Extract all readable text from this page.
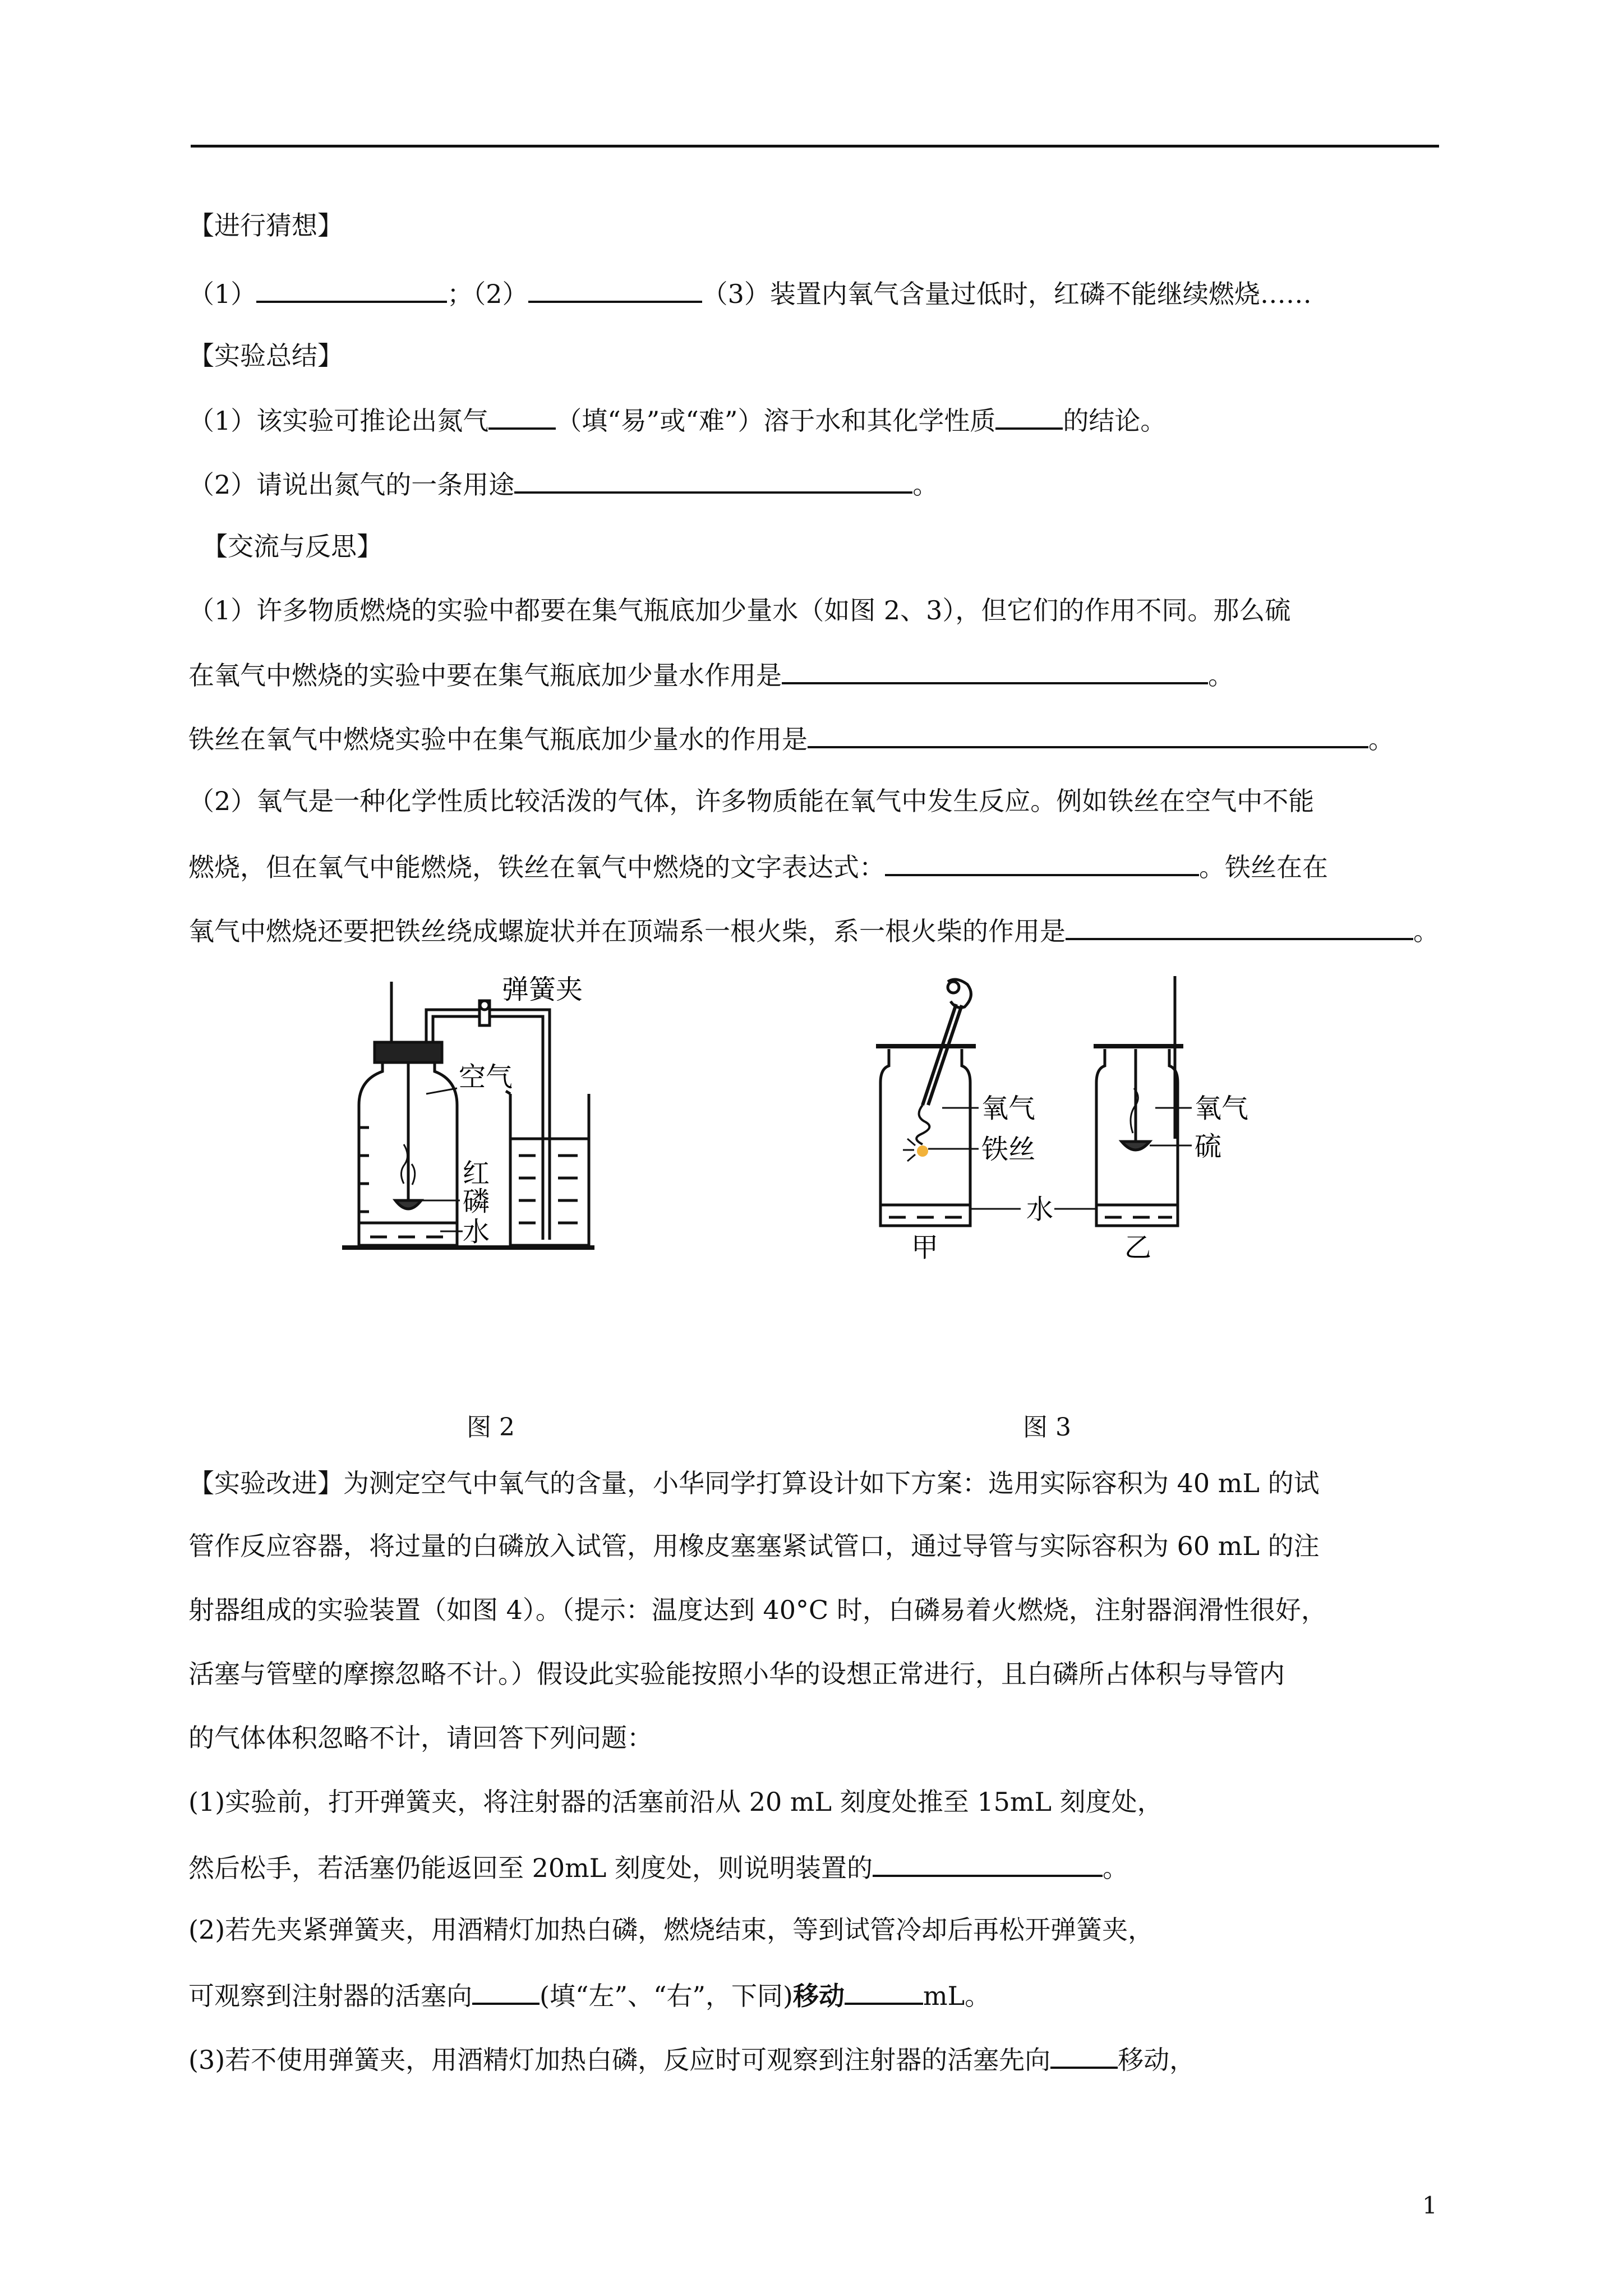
【进行猜想】
（1）	；（2）	（3）装置内氧气含量过低时，红磷不能继续燃烧……
【实验总结】
（1）该实验可推论出氮气	（填“易”或“难”）溶于水和其化学性质	的结论。
（2）请说出氮气的一条用途	。
【交流与反思】
（1）许多物质燃烧的实验中都要在集气瓶底加少量水（如图 2、3），但它们的作用不同。那么硫
在氧气中燃烧的实验中要在集气瓶底加少量水作用是	。
铁丝在氧气中燃烧实验中在集气瓶底加少量水的作用是	。
（2）氧气是一种化学性质比较活泼的气体，许多物质能在氧气中发生反应。例如铁丝在空气中不能
燃烧，但在氧气中能燃烧，铁丝在氧气中燃烧的文字表达式：	。铁丝在在
氧气中燃烧还要把铁丝绕成螺旋状并在顶端系一根火柴，系一根火柴的作用是	。
弹簧夹
空气
红
磷
水
氧气
铁丝
水
氧气
硫
甲	乙
图 2	图 3
【实验改进】为测定空气中氧气的含量，小华同学打算设计如下方案：选用实际容积为 40 mL 的试
管作反应容器，将过量的白磷放入试管，用橡皮塞塞紧试管口，通过导管与实际容积为 60 mL 的注
射器组成的实验装置（如图 4）。（提示：温度达到 40°C 时，白磷易着火燃烧，注射器润滑性很好，
活塞与管壁的摩擦忽略不计。）假设此实验能按照小华的设想正常进行，且白磷所占体积与导管内
的气体体积忽略不计，请回答下列问题：
(1)实验前，打开弹簧夹，将注射器的活塞前沿从 20 mL 刻度处推至 15mL 刻度处，
然后松手，若活塞仍能返回至 20mL 刻度处，则说明装置的	。
(2)若先夹紧弹簧夹，用酒精灯加热白磷，燃烧结束，等到试管冷却后再松开弹簧夹，
可观察到注射器的活塞向	(填“左”、“右”，下同)移动	mL。
(3)若不使用弹簧夹，用酒精灯加热白磷，反应时可观察到注射器的活塞先向	移动，
1
